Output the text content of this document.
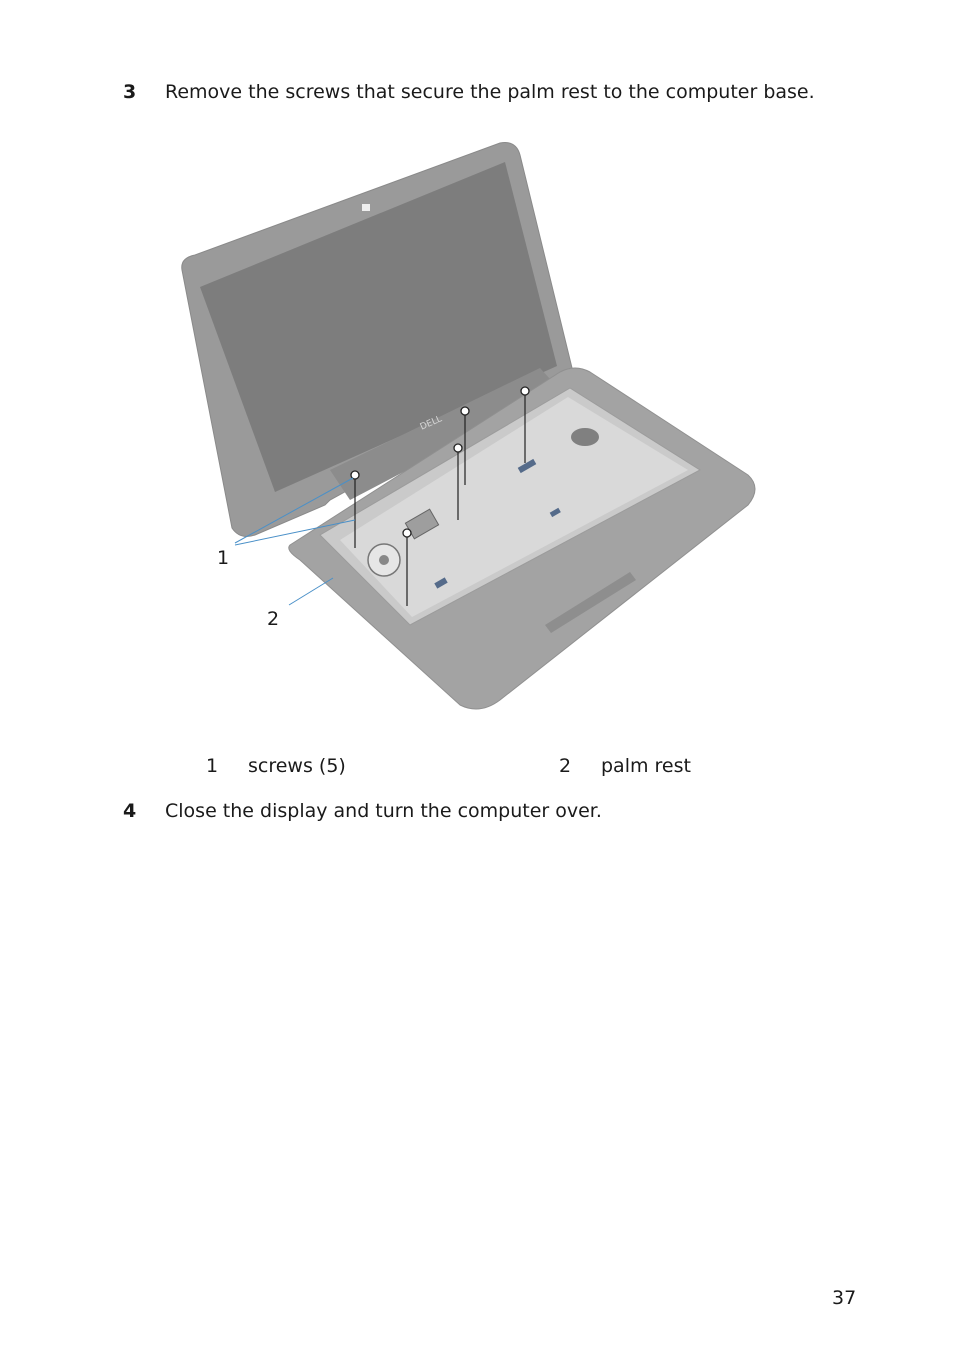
3 Remove the screws that secure the palm rest to the computer base.
DELL
1
2
1 screws (5)	2 palm rest
4 Close the display and turn the computer over.
37
